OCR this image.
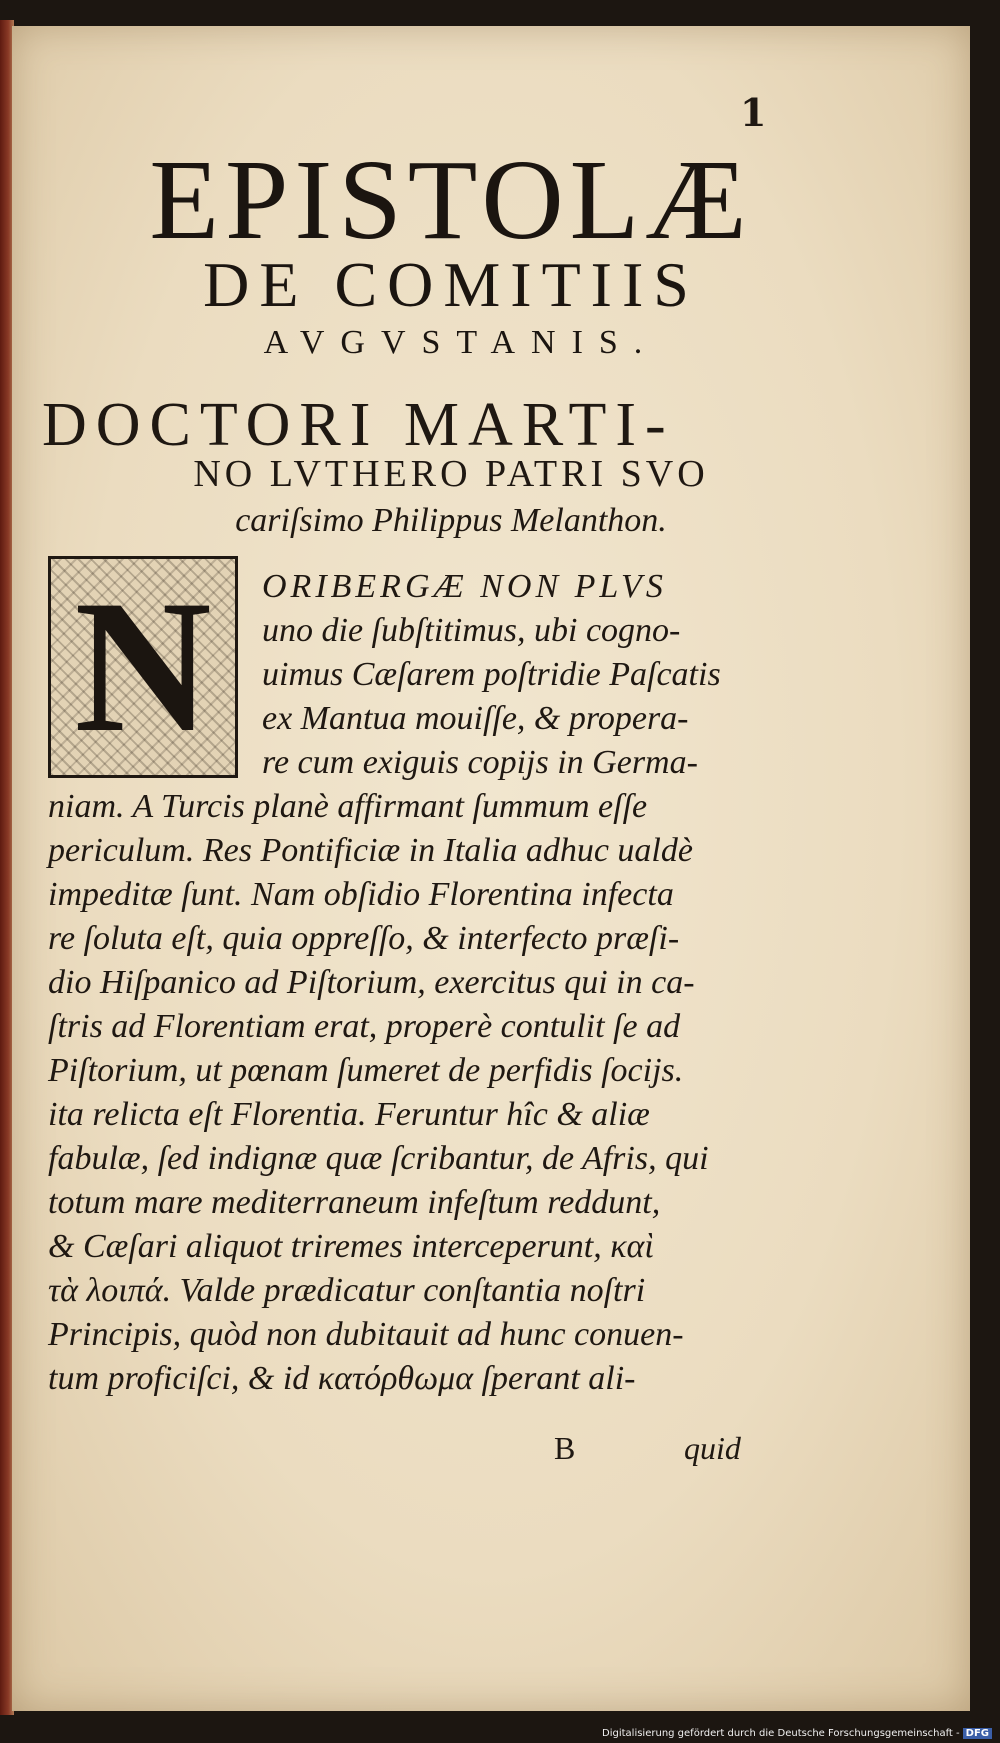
1
EPISTOLÆ
DE COMITIIS
AVGVSTANIS.
DOCTORI MARTI-
NO LVTHERO PATRI SVO
cariſsimo Philippus Melanthon.
N ORIBERGÆ NON PLVS
uno die ſubſtitimus, ubi cogno-
uimus Cæſarem poſtridie Paſcatis
ex Mantua mouiſſe, & propera-
re cum exiguis copijs in Germa-
niam. A Turcis planè affirmant ſummum eſſe
periculum. Res Pontificiæ in Italia adhuc ualdè
impeditæ ſunt. Nam obſidio Florentina infecta
re ſoluta eſt, quia oppreſſo, & interfecto præſi-
dio Hiſpanico ad Piſtorium, exercitus qui in ca-
ſtris ad Florentiam erat, properè contulit ſe ad
Piſtorium, ut pœnam ſumeret de perfidis ſocijs.
ita relicta eſt Florentia. Feruntur hîc & aliæ
fabulæ, ſed indignæ quæ ſcribantur, de Afris, qui
totum mare mediterraneum infeſtum reddunt,
& Cæſari aliquot triremes interceperunt, καὶ
τὰ λοιπά. Valde prædicatur conſtantia noſtri
Principis, quòd non dubitauit ad hunc conuen-
tum proficiſci, & id κατόρθωμα ſperant ali-
B	quid
Digitalisierung gefördert durch die Deutsche Forschungsgemeinschaft - DFG
